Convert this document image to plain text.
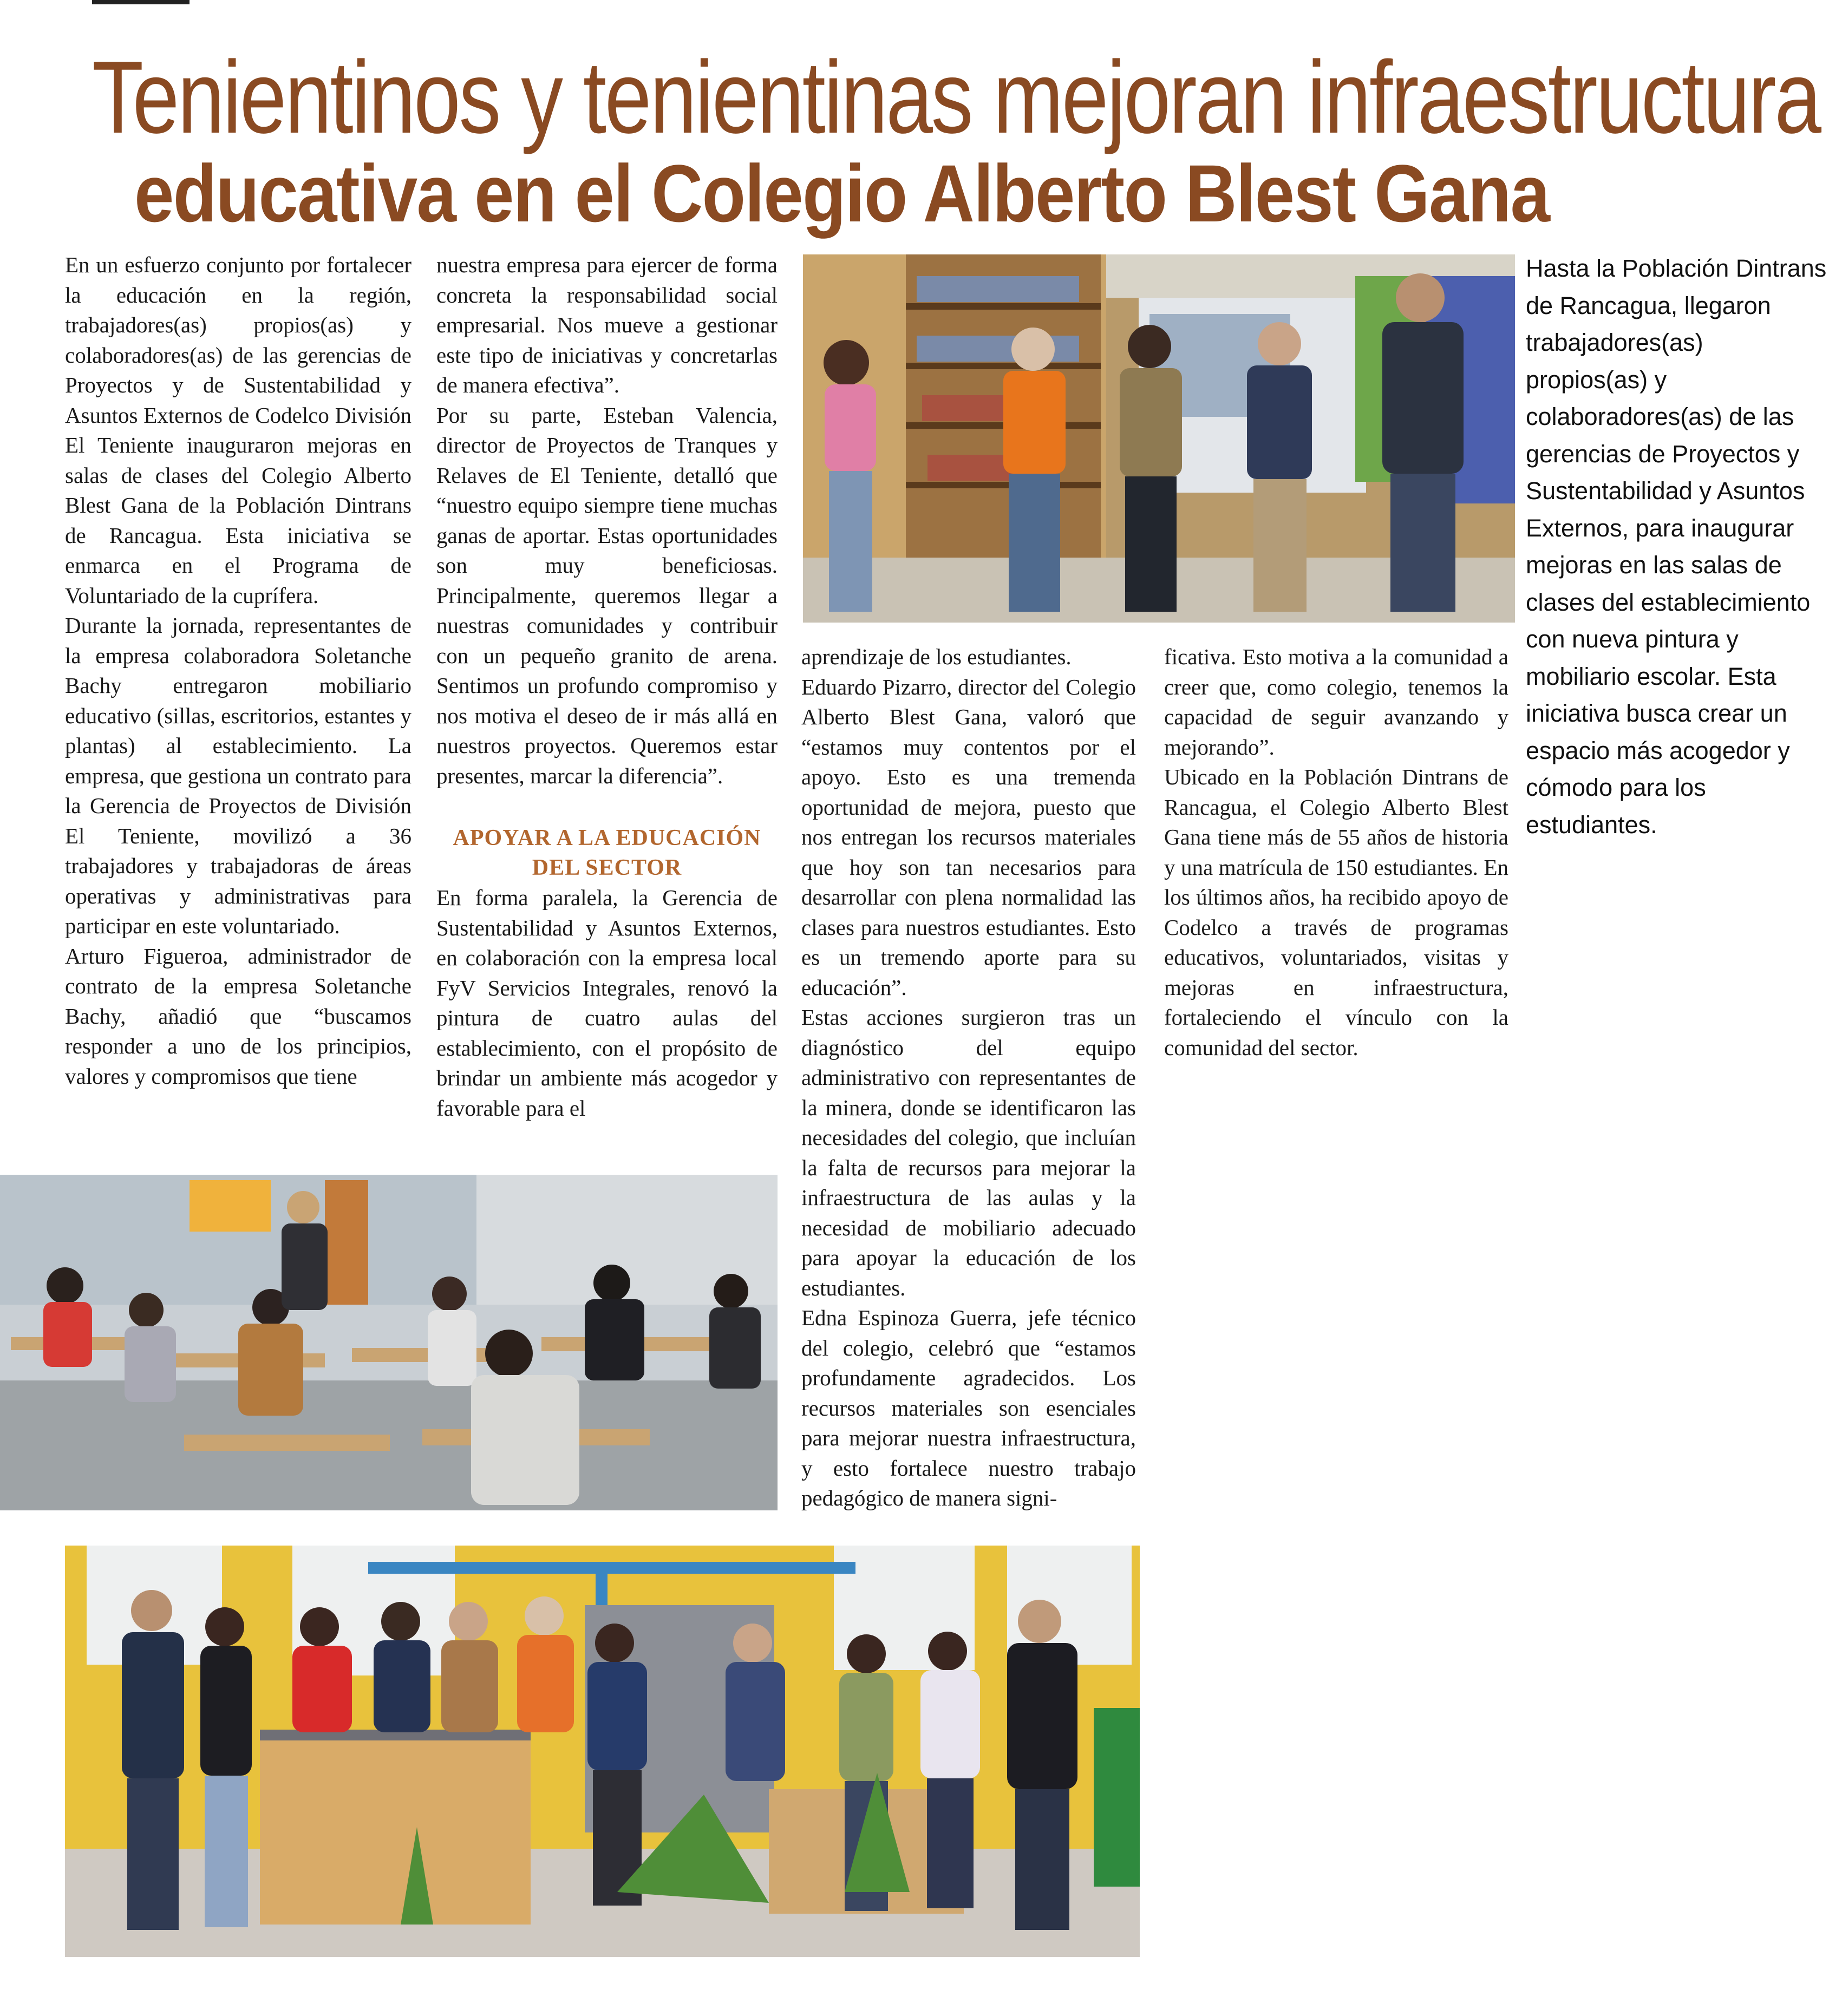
Tenientinos y tenientinas mejoran infraestructura
educativa en el Colegio Alberto Blest Gana

En un esfuerzo conjunto por fortalecer la educación en la región, trabajadores(as) propios(as) y colaboradores(as) de las gerencias de Proyectos y de Sustentabilidad y Asuntos Externos de Codelco División El Teniente inauguraron mejoras en salas de clases del Colegio Alberto Blest Gana de la Población Dintrans de Rancagua. Esta iniciativa se enmarca en el Programa de Voluntariado de la cuprífera.

Durante la jornada, representantes de la empresa colaboradora Soletanche Bachy entregaron mobiliario educativo (sillas, escritorios, estantes y plantas) al establecimiento. La empresa, que gestiona un contrato para la Gerencia de Proyectos de División El Teniente, movilizó a 36 trabajadores y trabajadoras de áreas operativas y administrativas para participar en este voluntariado.

Arturo Figueroa, administrador de contrato de la empresa Soletanche Bachy, añadió que “buscamos responder a uno de los principios, valores y compromisos que tiene

nuestra empresa para ejercer de forma concreta la responsabilidad social empresarial. Nos mueve a gestionar este tipo de iniciativas y concretarlas de manera efectiva”.

Por su parte, Esteban Valencia, director de Proyectos de Tranques y Relaves de El Teniente, detalló que “nuestro equipo siempre tiene muchas ganas de aportar. Estas oportunidades son muy beneficiosas. Principalmente, queremos llegar a nuestras comunidades y contribuir con un pequeño granito de arena. Sentimos un profundo compromiso y nos motiva el deseo de ir más allá en nuestros proyectos. Queremos estar presentes, marcar la diferencia”.

APOYAR A LA EDUCACIÓN DEL SECTOR

En forma paralela, la Gerencia de Sustentabilidad y Asuntos Externos, en colaboración con la empresa local FyV Servicios Integrales, renovó la pintura de cuatro aulas del establecimiento, con el propósito de brindar un ambiente más acogedor y favorable para el

aprendizaje de los estudiantes.

Eduardo Pizarro, director del Colegio Alberto Blest Gana, valoró que “estamos muy contentos por el apoyo. Esto es una tremenda oportunidad de mejora, puesto que nos entregan los recursos materiales que hoy son tan necesarios para desarrollar con plena normalidad las clases para nuestros estudiantes. Esto es un tremendo aporte para su educación”.

Estas acciones surgieron tras un diagnóstico del equipo administrativo con representantes de la minera, donde se identificaron las necesidades del colegio, que incluían la falta de recursos para mejorar la infraestructura de las aulas y la necesidad de mobiliario adecuado para apoyar la educación de los estudiantes.

Edna Espinoza Guerra, jefe técnico del colegio, celebró que “estamos profundamente agradecidos. Los recursos materiales son esenciales para mejorar nuestra infraestructura, y esto fortalece nuestro trabajo pedagógico de manera signi-

ficativa. Esto motiva a la comunidad a creer que, como colegio, tenemos la capacidad de seguir avanzando y mejorando”.

Ubicado en la Población Dintrans de Rancagua, el Colegio Alberto Blest Gana tiene más de 55 años de historia y una matrícula de 150 estudiantes. En los últimos años, ha recibido apoyo de Codelco a través de programas educativos, voluntariados, visitas y mejoras en infraestructura, fortaleciendo el vínculo con la comunidad del sector.

Hasta la Población Dintrans de Rancagua, llegaron trabajadores(as) propios(as) y colaboradores(as) de las gerencias de Proyectos y Sustentabilidad y Asuntos Externos, para inaugurar mejoras en las salas de clases del establecimiento con nueva pintura y mobiliario escolar. Esta iniciativa busca crear un espacio más acogedor y cómodo para los estudiantes.
